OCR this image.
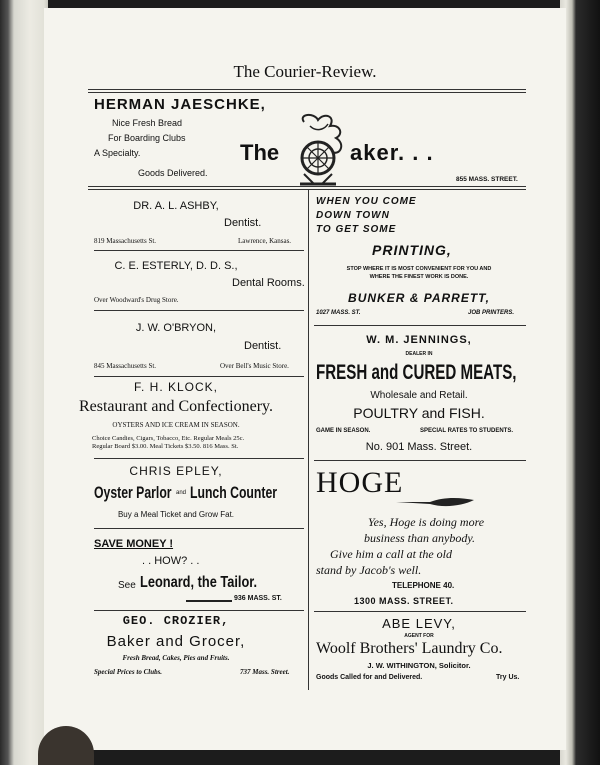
The Courier-Review.
HERMAN JAESCHKE,
Nice Fresh Bread
For Boarding Clubs
A Specialty.
Goods Delivered.
The	aker. . .
855 MASS. STREET.
DR. A. L. ASHBY,
Dentist.
819 Massachusetts St.	Lawrence, Kansas.
C. E. ESTERLY, D. D. S.,
Dental Rooms.
Over Woodward's Drug Store.
J. W. O'BRYON,
Dentist.
845 Massachusetts St.	Over Bell's Music Store.
F. H. KLOCK,
Restaurant and Confectionery.
OYSTERS AND ICE CREAM IN SEASON.
Choice Candies, Cigars, Tobacco, Etc. Regular Meals 25c.
Regular Board $3.00. Meal Tickets $3.50. 816 Mass. St.
CHRIS EPLEY,
Oyster Parlor and Lunch Counter
Buy a Meal Ticket and Grow Fat.
SAVE MONEY !
. . HOW? . .
See Leonard, the Tailor.
936 MASS. ST.
GEO. CROZIER,
Baker and Grocer,
Fresh Bread, Cakes, Pies and Fruits.
Special Prices to Clubs.	737 Mass. Street.
WHEN YOU COME
DOWN TOWN
TO GET SOME
PRINTING,
STOP WHERE IT IS MOST CONVENIENT FOR YOU AND
WHERE THE FINEST WORK IS DONE.
BUNKER & PARRETT,
1027 MASS. ST.	JOB PRINTERS.
W. M. JENNINGS,
DEALER IN
FRESH and CURED MEATS,
Wholesale and Retail.
POULTRY and FISH.
GAME IN SEASON.	SPECIAL RATES TO STUDENTS.
No. 901 Mass. Street.
HOGE
Yes, Hoge is doing more
business than anybody.
Give him a call at the old
stand by Jacob's well.
TELEPHONE 40.
1300 MASS. STREET.
ABE LEVY,
AGENT FOR
Woolf Brothers' Laundry Co.
J. W. WITHINGTON, Solicitor.
Goods Called for and Delivered.	Try Us.
